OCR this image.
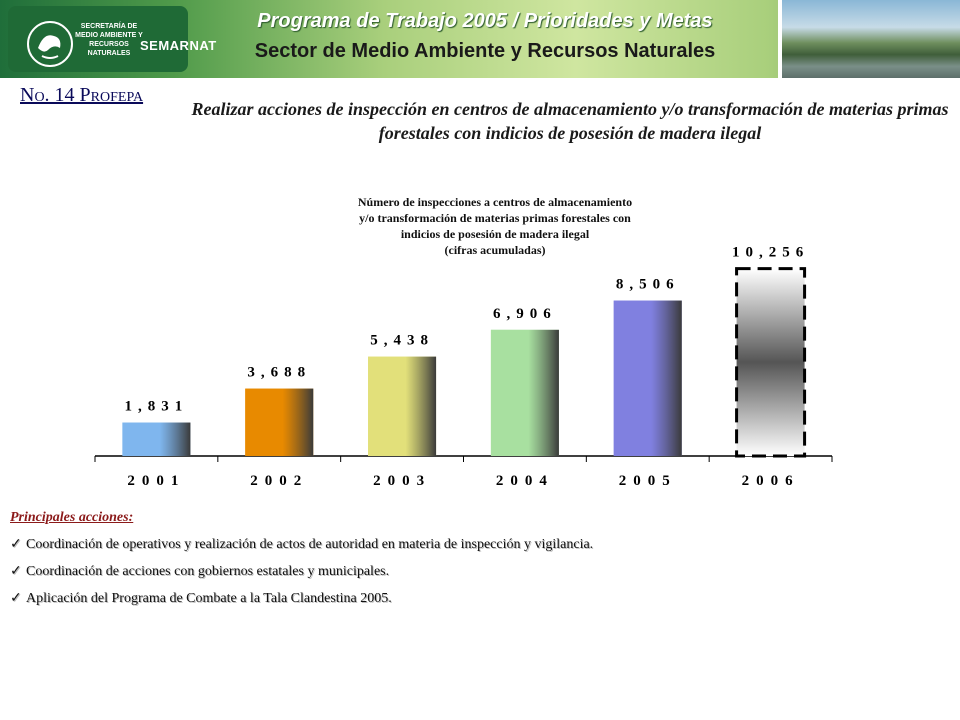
SECRETARÍA DE MEDIO AMBIENTE Y RECURSOS NATURALES
SEMARNAT
Programa de Trabajo 2005 / Prioridades y Metas
Sector de Medio Ambiente y Recursos Naturales
No. 14 Profepa
Realizar acciones de inspección en centros de almacenamiento y/o transformación de materias primas forestales con indicios de posesión de madera ilegal
Número de inspecciones a centros de almacenamiento
y/o transformación de materias primas forestales con
indicios de posesión de madera ilegal
(cifras acumuladas)
1,831
2001
3,688
2002
5,438
2003
6,906
2004
8,506
2005
10,256
2006
Principales acciones:
✓ Coordinación de operativos y realización de actos de autoridad en materia de inspección y vigilancia.
✓ Coordinación de acciones con gobiernos estatales y municipales.
✓ Aplicación del Programa de Combate a la Tala Clandestina 2005.
